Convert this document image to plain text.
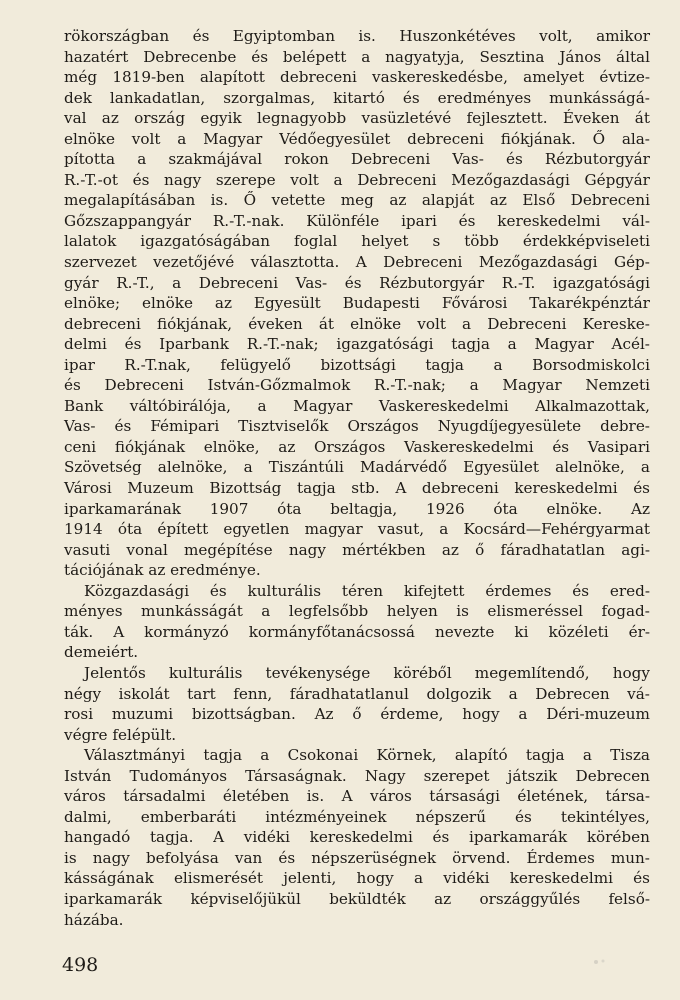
rökországban és Egyiptomban is. Huszonkétéves volt, amikor
hazatért Debrecenbe és belépett a nagyatyja, Sesztina János által
még 1819-ben alapított debreceni vaskereskedésbe, amelyet évtize-
dek lankadatlan, szorgalmas, kitartó és eredményes munkásságá-
val az ország egyik legnagyobb vasüzletévé fejlesztett. Éveken át
elnöke volt a Magyar Védőegyesület debreceni fiókjának. Ő ala-
pította a szakmájával rokon Debreceni Vas- és Rézbutorgyár
R.-T.-ot és nagy szerepe volt a Debreceni Mezőgazdasági Gépgyár
megalapításában is. Ő vetette meg az alapját az Első Debreceni
Gőzszappangyár R.-T.-nak. Különféle ipari és kereskedelmi vál-
lalatok igazgatóságában foglal helyet s több érdekképviseleti
szervezet vezetőjévé választotta. A Debreceni Mezőgazdasági Gép-
gyár R.-T., a Debreceni Vas- és Rézbutorgyár R.-T. igazgatósági
elnöke; elnöke az Egyesült Budapesti Fővárosi Takarékpénztár
debreceni fiókjának, éveken át elnöke volt a Debreceni Kereske-
delmi és Iparbank R.-T.-nak; igazgatósági tagja a Magyar Acél-
ipar R.-T.nak, felügyelő bizottsági tagja a Borsodmiskolci
és Debreceni István-Gőzmalmok R.-T.-nak; a Magyar Nemzeti
Bank váltóbirálója, a Magyar Vaskereskedelmi Alkalmazottak,
Vas- és Fémipari Tisztviselők Országos Nyugdíjegyesülete debre-
ceni fiókjának elnöke, az Országos Vaskereskedelmi és Vasipari
Szövetség alelnöke, a Tiszántúli Madárvédő Egyesület alelnöke, a
Városi Muzeum Bizottság tagja stb. A debreceni kereskedelmi és
iparkamarának 1907 óta beltagja, 1926 óta elnöke. Az
1914 óta épített egyetlen magyar vasut, a Kocsárd—Fehérgyarmat
vasuti vonal megépítése nagy mértékben az ő fáradhatatlan agi-
tációjának az eredménye.
Közgazdasági és kulturális téren kifejtett érdemes és ered-
ményes munkásságát a legfelsőbb helyen is elismeréssel fogad-
ták. A kormányzó kormányfőtanácsossá nevezte ki közéleti ér-
demeiért.
Jelentős kulturális tevékenysége köréből megemlítendő, hogy
négy iskolát tart fenn, fáradhatatlanul dolgozik a Debrecen vá-
rosi muzumi bizottságban. Az ő érdeme, hogy a Déri-muzeum
végre felépült.
Választmányi tagja a Csokonai Körnek, alapító tagja a Tisza
István Tudományos Társaságnak. Nagy szerepet játszik Debrecen
város társadalmi életében is. A város társasági életének, társa-
dalmi, emberbaráti intézményeinek népszerű és tekintélyes,
hangadó tagja. A vidéki kereskedelmi és iparkamarák körében
is nagy befolyása van és népszerüségnek örvend. Érdemes mun-
kásságának elismerését jelenti, hogy a vidéki kereskedelmi és
iparkamarák képviselőjükül beküldték az országgyűlés felső-
házába.
498
